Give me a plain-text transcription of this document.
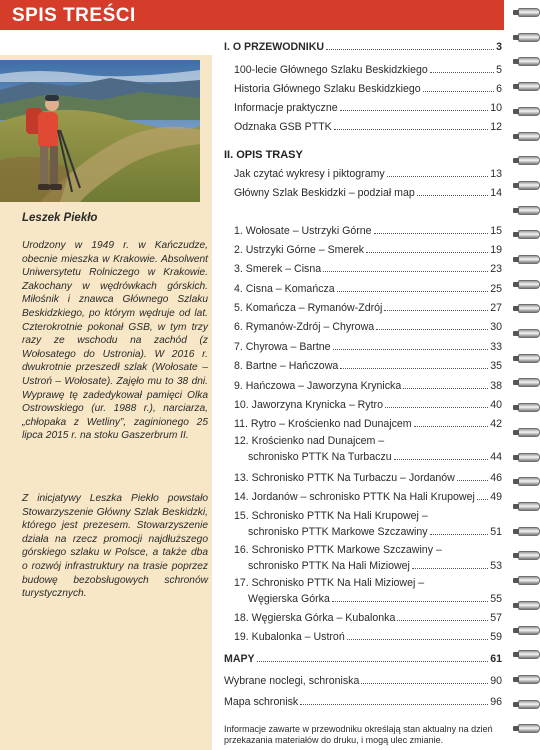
SPIS TREŚCI
Leszek Piekło

Urodzony w 1949 r. w Kańczudze, obecnie mieszka w Krakowie. Absolwent Uniwersytetu Rolniczego w Krakowie. Zakochany w wędrówkach górskich. Miłośnik i znawca Głównego Szlaku Beskidzkiego, po którym wędruje od lat. Czterokrotnie pokonał GSB, w tym trzy razy ze wschodu na zachód (z Wołosatego do Ustronia). W 2016 r. dwukrotnie przeszedł szlak (Wołosate – Ustroń – Wołosate). Zajęło mu to 38 dni. Wyprawę tę zadedykował pamięci Olka Ostrowskiego (ur. 1988 r.), narciarza, „chłopaka z Wetliny”, zaginionego 25 lipca 2015 r. na stoku Gaszerbrum II.

Z inicjatywy Leszka Piekło powstało Stowarzyszenie Główny Szlak Beskidzki, którego jest prezesem. Stowarzyszenie działa na rzecz promocji najdłuższego górskiego szlaku w Polsce, a także dba o rozwój infrastruktury na trasie poprzez budowę bezobsługowych schronów turystycznych.

I. O PRZEWODNIKU	3
100-lecie Głównego Szlaku Beskidzkiego	5
Historia Głównego Szlaku Beskidzkiego	6
Informacje praktyczne	10
Odznaka GSB PTTK	12
II. OPIS TRASY
Jak czytać wykresy i piktogramy	13
Główny Szlak Beskidzki – podział map	14
1. Wołosate – Ustrzyki Górne	15
2. Ustrzyki Górne – Smerek	19
3. Smerek – Cisna	23
4. Cisna – Komańcza	25
5. Komańcza – Rymanów-Zdrój	27
6. Rymanów-Zdrój – Chyrowa	30
7. Chyrowa – Bartne	33
8. Bartne – Hańczowa	35
9. Hańczowa – Jaworzyna Krynicka	38
10. Jaworzyna Krynicka – Rytro	40
11. Rytro – Krościenko nad Dunajcem	42
12. Krościenko nad Dunajcem –
schronisko PTTK Na Turbaczu	44
13. Schronisko PTTK Na Turbaczu – Jordanów	46
14. Jordanów – schronisko PTTK Na Hali Krupowej 49
15. Schronisko PTTK Na Hali Krupowej –
schronisko PTTK Markowe Szczawiny	51
16. Schronisko PTTK Markowe Szczawiny –
schronisko PTTK Na Hali Miziowej	53
17. Schronisko PTTK Na Hali Miziowej –
Węgierska Górka	55
18. Węgierska Górka – Kubalonka	57
19. Kubalonka – Ustroń	59
MAPY	61
Wybrane noclegi, schroniska	90
Mapa schronisk	96
Informacje zawarte w przewodniku określają stan aktualny na dzień przekazania materiałów do druku, i mogą ulec zmianie.
